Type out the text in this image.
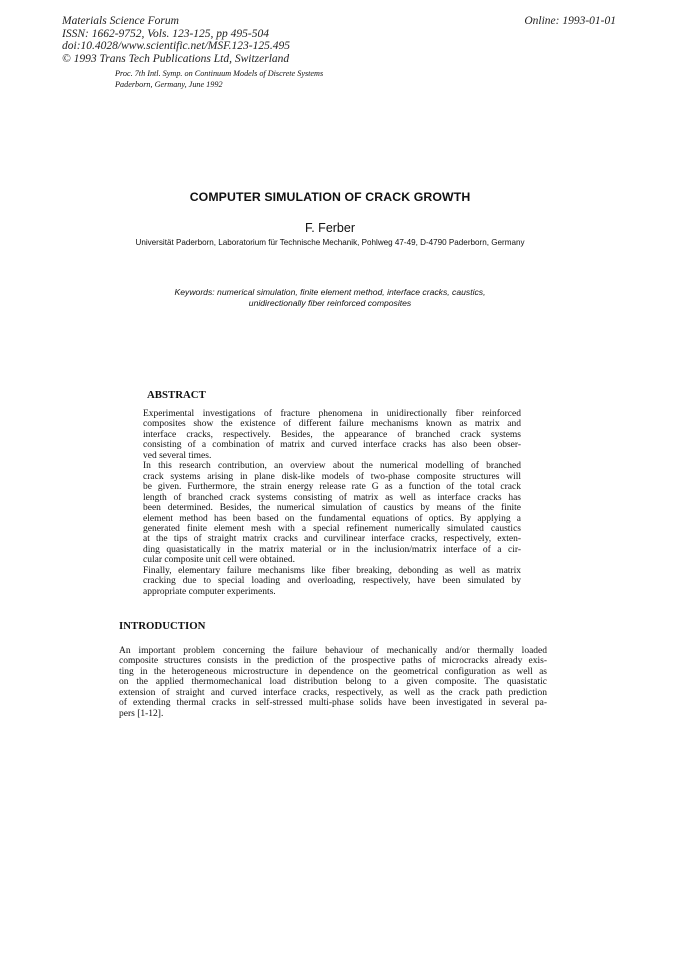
Materials Science Forum
ISSN: 1662-9752, Vols. 123-125, pp 495-504
doi:10.4028/www.scientific.net/MSF.123-125.495
© 1993 Trans Tech Publications Ltd, Switzerland
Online: 1993-01-01
Proc. 7th Intl. Symp. on Continuum Models of Discrete Systems
Paderborn, Germany, June 1992
COMPUTER SIMULATION OF CRACK GROWTH
F. Ferber
Universität Paderborn, Laboratorium für Technische Mechanik, Pohlweg 47-49, D-4790 Paderborn, Germany
Keywords: numerical simulation, finite element method, interface cracks, caustics,
unidirectionally fiber reinforced composites
ABSTRACT
Experimental investigations of fracture phenomena in unidirectionally fiber reinforced
composites show the existence of different failure mechanisms known as matrix and
interface cracks, respectively. Besides, the appearance of branched crack systems
consisting of a combination of matrix and curved interface cracks has also been obser-
ved several times.
In this research contribution, an overview about the numerical modelling of branched
crack systems arising in plane disk-like models of two-phase composite structures will
be given. Furthermore, the strain energy release rate G as a function of the total crack
length of branched crack systems consisting of matrix as well as interface cracks has
been determined. Besides, the numerical simulation of caustics by means of the finite
element method has been based on the fundamental equations of optics. By applying a
generated finite element mesh with a special refinement numerically simulated caustics
at the tips of straight matrix cracks and curvilinear interface cracks, respectively, exten-
ding quasistatically in the matrix material or in the inclusion/matrix interface of a cir-
cular composite unit cell were obtained.
Finally, elementary failure mechanisms like fiber breaking, debonding as well as matrix
cracking due to special loading and overloading, respectively, have been simulated by
appropriate computer experiments.
INTRODUCTION
An important problem concerning the failure behaviour of mechanically and/or thermally loaded
composite structures consists in the prediction of the prospective paths of microcracks already exis-
ting in the heterogeneous microstructure in dependence on the geometrical configuration as well as
on the applied thermomechanical load distribution belong to a given composite. The quasistatic
extension of straight and curved interface cracks, respectively, as well as the crack path prediction
of extending thermal cracks in self-stressed multi-phase solids have been investigated in several pa-
pers [1-12].
